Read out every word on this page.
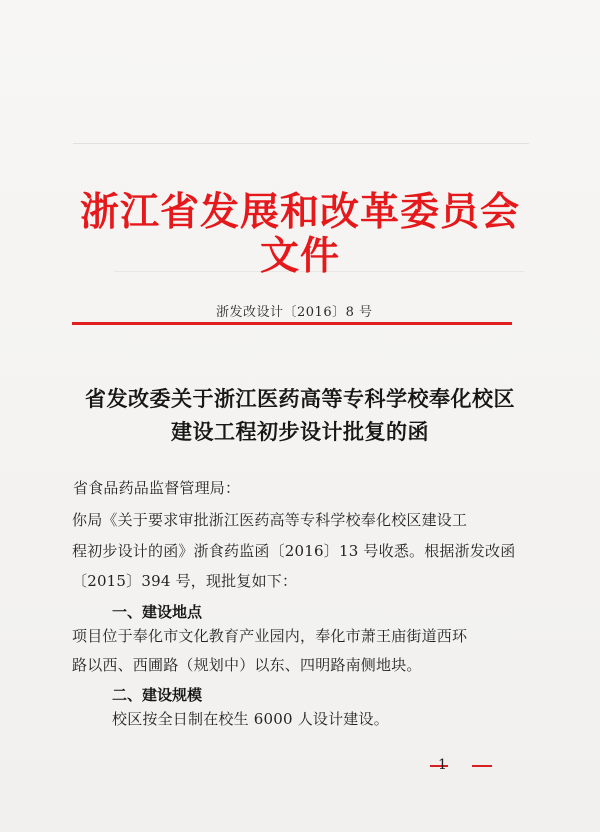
浙江省发展和改革委员会文件
浙发改设计〔2016〕8 号
省发改委关于浙江医药高等专科学校奉化校区
建设工程初步设计批复的函
省食品药品监督管理局：
你局《关于要求审批浙江医药高等专科学校奉化校区建设工
程初步设计的函》浙食药监函〔2016〕13 号收悉。根据浙发改函
〔2015〕394 号，现批复如下：
一、建设地点
项目位于奉化市文化教育产业园内，奉化市萧王庙街道西环
路以西、西圃路（规划中）以东、四明路南侧地块。
二、建设规模
校区按全日制在校生 6000 人设计建设。
1
